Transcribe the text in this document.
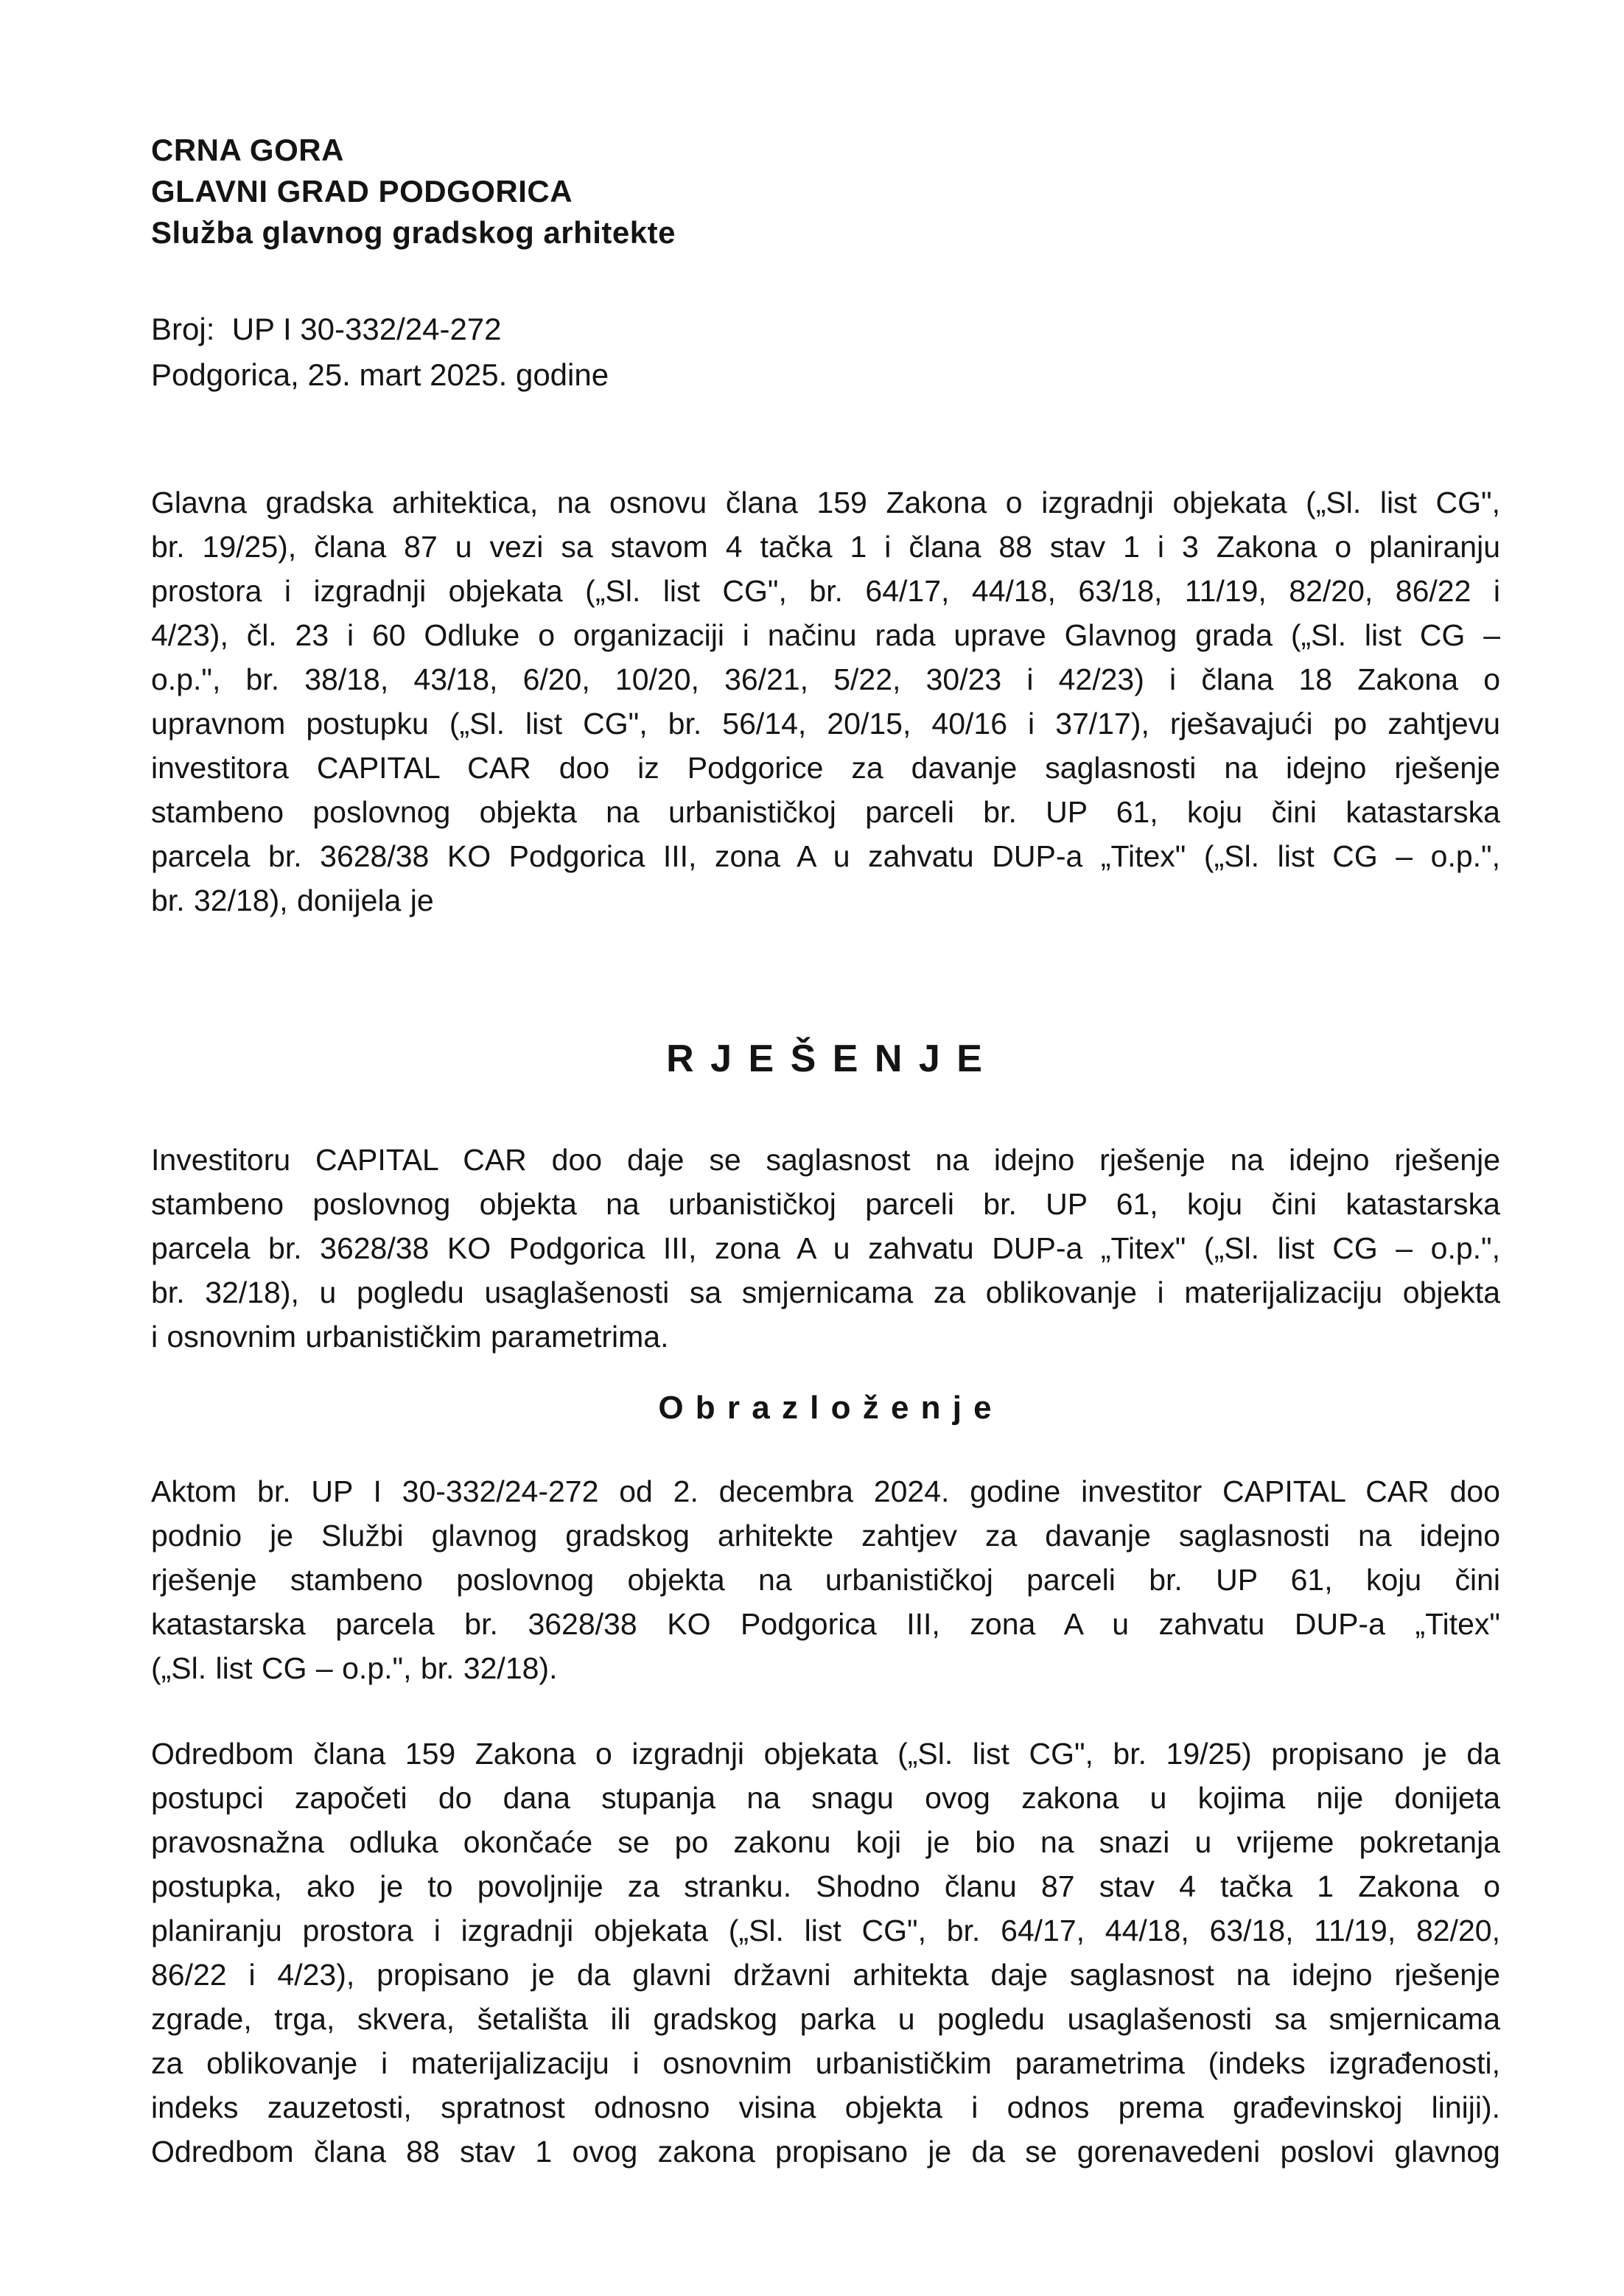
CRNA GORA
GLAVNI GRAD PODGORICA
Služba glavnog gradskog arhitekte
Broj:  UP I 30-332/24-272
Podgorica, 25. mart 2025. godine
Glavna gradska arhitektica, na osnovu člana 159 Zakona o izgradnji objekata („Sl. list CG",
br. 19/25), člana 87 u vezi sa stavom 4 tačka 1 i člana 88 stav 1 i 3 Zakona o planiranju
prostora i izgradnji objekata („Sl. list CG", br. 64/17, 44/18, 63/18, 11/19, 82/20, 86/22 i
4/23), čl. 23 i 60 Odluke o organizaciji i načinu rada uprave Glavnog grada („Sl. list CG –
o.p.", br. 38/18, 43/18, 6/20, 10/20, 36/21, 5/22, 30/23 i 42/23) i člana 18 Zakona o
upravnom postupku („Sl. list CG", br. 56/14, 20/15, 40/16 i 37/17), rješavajući po zahtjevu
investitora CAPITAL CAR doo iz Podgorice za davanje saglasnosti na idejno rješenje
stambeno poslovnog objekta na urbanističkoj parceli br. UP 61, koju čini katastarska
parcela br. 3628/38 KO Podgorica III, zona A u zahvatu DUP-a „Titex" („Sl. list CG – o.p.",
br. 32/18), donijela je
R J E Š E N J E
Investitoru CAPITAL CAR doo daje se saglasnost na idejno rješenje na idejno rješenje
stambeno poslovnog objekta na urbanističkoj parceli br. UP 61, koju čini katastarska
parcela br. 3628/38 KO Podgorica III, zona A u zahvatu DUP-a „Titex" („Sl. list CG – o.p.",
br. 32/18), u pogledu usaglašenosti sa smjernicama za oblikovanje i materijalizaciju objekta
i osnovnim urbanističkim parametrima.
O b r a z l o ž e n j e
Aktom br. UP I 30-332/24-272 od 2. decembra 2024. godine investitor CAPITAL CAR doo
podnio je Službi glavnog gradskog arhitekte zahtjev za davanje saglasnosti na idejno
rješenje stambeno poslovnog objekta na urbanističkoj parceli br. UP 61, koju čini
katastarska parcela br. 3628/38 KO Podgorica III, zona A u zahvatu DUP-a „Titex"
(„Sl. list CG – o.p.", br. 32/18).
Odredbom člana 159 Zakona o izgradnji objekata („Sl. list CG", br. 19/25) propisano je da
postupci započeti do dana stupanja na snagu ovog zakona u kojima nije donijeta
pravosnažna odluka okončaće se po zakonu koji je bio na snazi u vrijeme pokretanja
postupka, ako je to povoljnije za stranku. Shodno članu 87 stav 4 tačka 1 Zakona o
planiranju prostora i izgradnji objekata („Sl. list CG", br. 64/17, 44/18, 63/18, 11/19, 82/20,
86/22 i 4/23), propisano je da glavni državni arhitekta daje saglasnost na idejno rješenje
zgrade, trga, skvera, šetališta ili gradskog parka u pogledu usaglašenosti sa smjernicama
za oblikovanje i materijalizaciju i osnovnim urbanističkim parametrima (indeks izgrađenosti,
indeks zauzetosti, spratnost odnosno visina objekta i odnos prema građevinskoj liniji).
Odredbom člana 88 stav 1 ovog zakona propisano je da se gorenavedeni poslovi glavnog
